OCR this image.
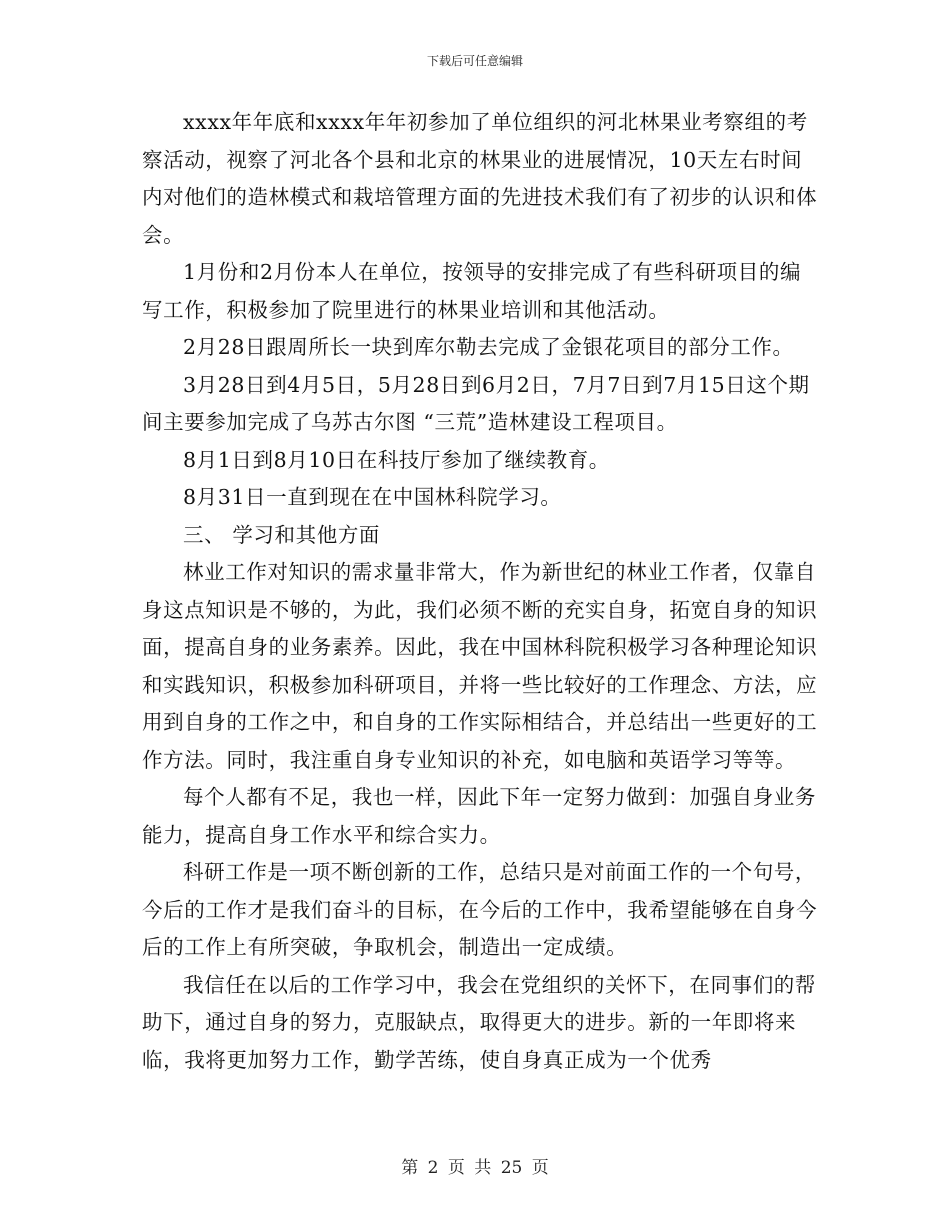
下载后可任意编辑

xxxx年年底和xxxx年年初参加了单位组织的河北林果业考察组的考察活动，视察了河北各个县和北京的林果业的进展情况，10天左右时间内对他们的造林模式和栽培管理方面的先进技术我们有了初步的认识和体会。

1月份和2月份本人在单位，按领导的安排完成了有些科研项目的编写工作，积极参加了院里进行的林果业培训和其他活动。

2月28日跟周所长一块到库尔勒去完成了金银花项目的部分工作。

3月28日到4月5日，5月28日到6月2日，7月7日到7月15日这个期间主要参加完成了乌苏古尔图 “三荒”造林建设工程项目。

8月1日到8月10日在科技厅参加了继续教育。

8月31日一直到现在在中国林科院学习。

三、 学习和其他方面

林业工作对知识的需求量非常大，作为新世纪的林业工作者，仅靠自身这点知识是不够的，为此，我们必须不断的充实自身，拓宽自身的知识面，提高自身的业务素养。因此，我在中国林科院积极学习各种理论知识和实践知识，积极参加科研项目，并将一些比较好的工作理念、方法，应用到自身的工作之中，和自身的工作实际相结合，并总结出一些更好的工作方法。同时，我注重自身专业知识的补充，如电脑和英语学习等等。

每个人都有不足，我也一样，因此下年一定努力做到：加强自身业务能力，提高自身工作水平和综合实力。

科研工作是一项不断创新的工作，总结只是对前面工作的一个句号，今后的工作才是我们奋斗的目标，在今后的工作中，我希望能够在自身今后的工作上有所突破，争取机会，制造出一定成绩。

我信任在以后的工作学习中，我会在党组织的关怀下，在同事们的帮助下，通过自身的努力，克服缺点，取得更大的进步。新的一年即将来临，我将更加努力工作，勤学苦练，使自身真正成为一个优秀

第 2 页 共 25 页
